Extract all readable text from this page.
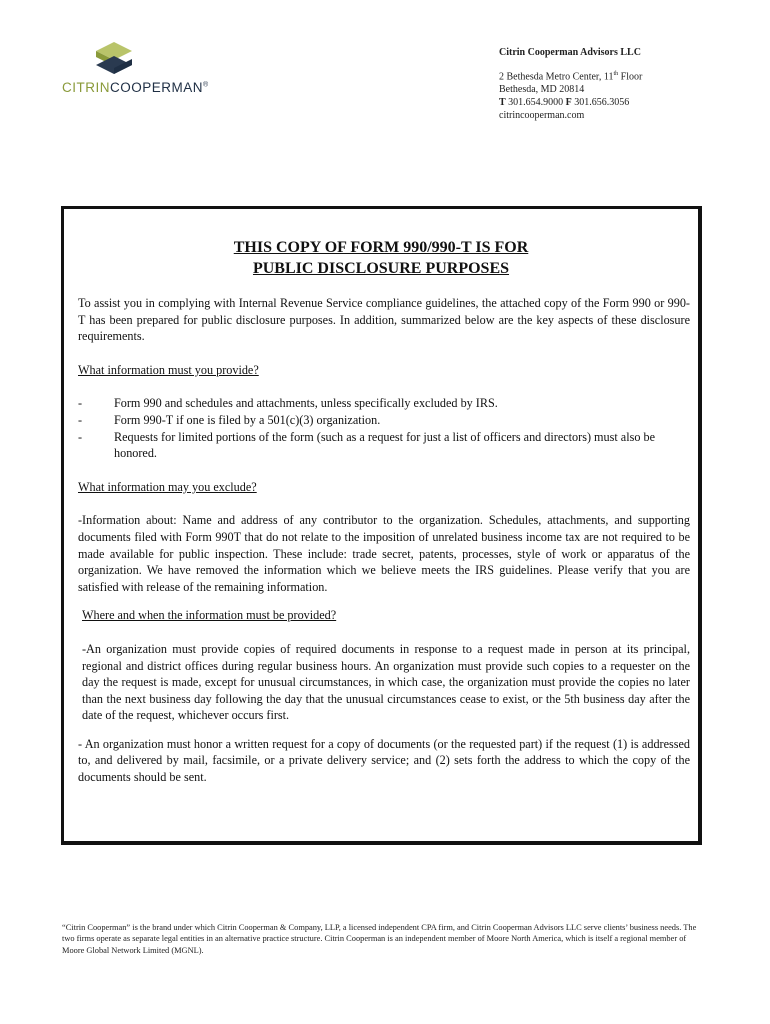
CITRINCOOPERMAN®
Citrin Cooperman Advisors LLC
2 Bethesda Metro Center, 11th Floor
Bethesda, MD 20814
T 301.654.9000 F 301.656.3056
citrincooperman.com
THIS COPY OF FORM 990/990-T IS FOR
PUBLIC DISCLOSURE PURPOSES

To assist you in complying with Internal Revenue Service compliance guidelines, the attached copy of the Form 990 or 990-T has been prepared for public disclosure purposes. In addition, summarized below are the key aspects of these disclosure requirements.

What information must you provide?

-	Form 990 and schedules and attachments, unless specifically excluded by IRS.
-	Form 990-T if one is filed by a 501(c)(3) organization.
-	Requests for limited portions of the form (such as a request for just a list of officers and directors) must also be honored.

What information may you exclude?

-Information about: Name and address of any contributor to the organization. Schedules, attachments, and supporting documents filed with Form 990T that do not relate to the imposition of unrelated business income tax are not required to be made available for public inspection. These include: trade secret, patents, processes, style of work or apparatus of the organization. We have removed the information which we believe meets the IRS guidelines. Please verify that you are satisfied with release of the remaining information.

Where and when the information must be provided?

-An organization must provide copies of required documents in response to a request made in person at its principal, regional and district offices during regular business hours. An organization must provide such copies to a requester on the day the request is made, except for unusual circumstances, in which case, the organization must provide the copies no later than the next business day following the day that the unusual circumstances cease to exist, or the 5th business day after the date of the request, whichever occurs first.

- An organization must honor a written request for a copy of documents (or the requested part) if the request (1) is addressed to, and delivered by mail, facsimile, or a private delivery service; and (2) sets forth the address to which the copy of the documents should be sent.

“Citrin Cooperman” is the brand under which Citrin Cooperman & Company, LLP, a licensed independent CPA firm, and Citrin Cooperman Advisors LLC serve clients’ business needs. The two firms operate as separate legal entities in an alternative practice structure. Citrin Cooperman is an independent member of Moore North America, which is itself a regional member of Moore Global Network Limited (MGNL).
